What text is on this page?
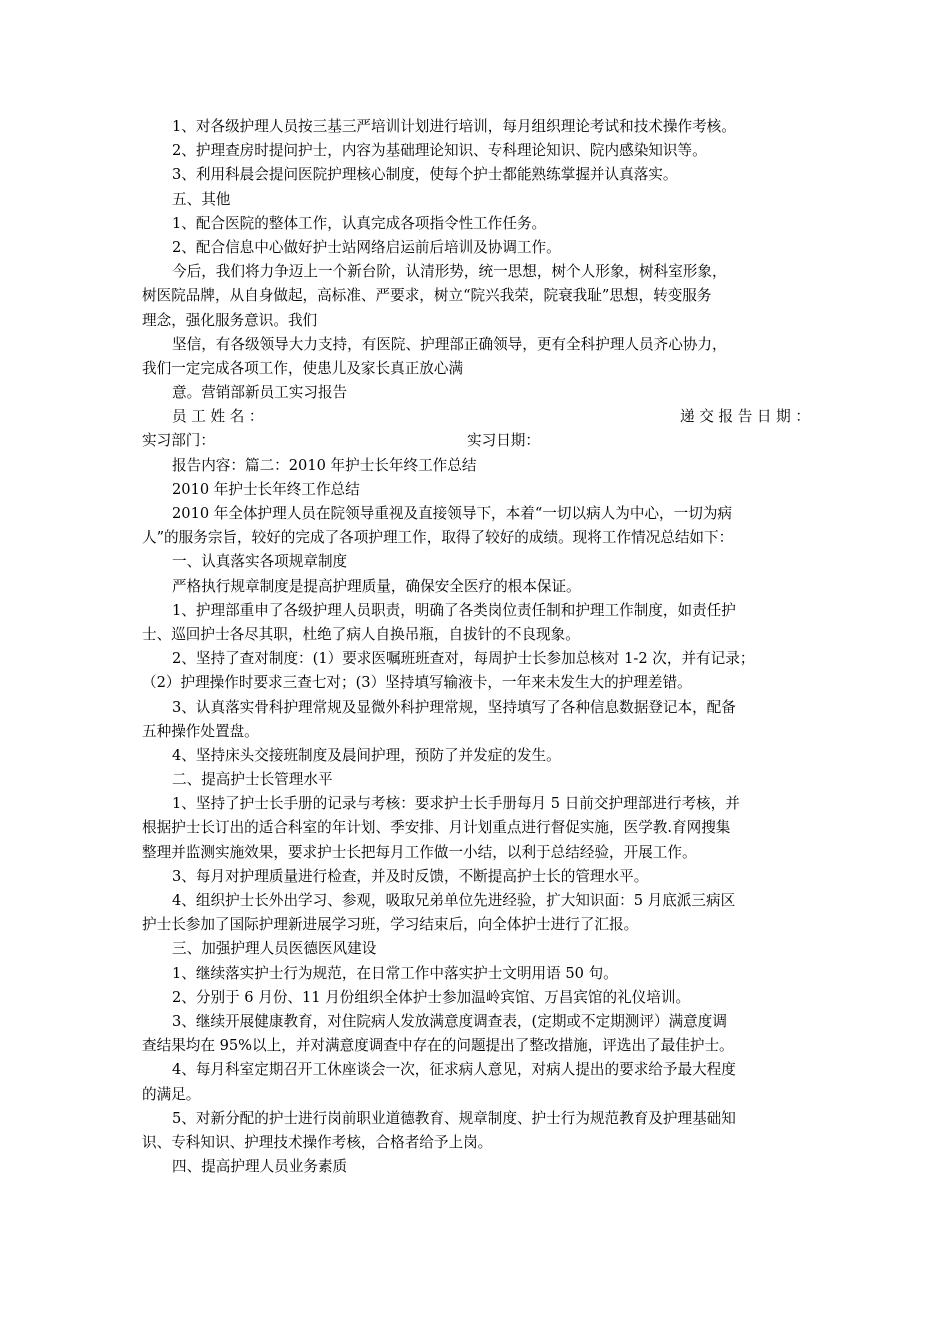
1、对各级护理人员按三基三严培训计划进行培训，每月组织理论考试和技术操作考核。
2、护理查房时提问护士，内容为基础理论知识、专科理论知识、院内感染知识等。
3、利用科晨会提问医院护理核心制度，使每个护士都能熟练掌握并认真落实。
五、其他
1、配合医院的整体工作，认真完成各项指令性工作任务。
2、配合信息中心做好护士站网络启运前后培训及协调工作。
今后，我们将力争迈上一个新台阶，认清形势，统一思想，树个人形象，树科室形象，
树医院品牌，从自身做起，高标准、严要求，树立“院兴我荣，院衰我耻”思想，转变服务
理念，强化服务意识。我们
坚信，有各级领导大力支持，有医院、护理部正确领导，更有全科护理人员齐心协力，
我们一定完成各项工作，使患儿及家长真正放心满
意。营销部新员工实习报告
员 工 姓 名 ：	递 交 报 告 日 期 ：
实习部门：	实习日期：
报告内容：篇二：2010 年护士长年终工作总结
2010 年护士长年终工作总结
2010 年全体护理人员在院领导重视及直接领导下，本着“一切以病人为中心，一切为病
人”的服务宗旨，较好的完成了各项护理工作，取得了较好的成绩。现将工作情况总结如下：
一、认真落实各项规章制度
严格执行规章制度是提高护理质量，确保安全医疗的根本保证。
1、护理部重申了各级护理人员职责，明确了各类岗位责任制和护理工作制度，如责任护
士、巡回护士各尽其职，杜绝了病人自换吊瓶，自拔针的不良现象。
2、坚持了查对制度：(1）要求医嘱班班查对，每周护士长参加总核对 1-2 次，并有记录；
（2）护理操作时要求三查七对；(3）坚持填写输液卡，一年来未发生大的护理差错。
3、认真落实骨科护理常规及显微外科护理常规，坚持填写了各种信息数据登记本，配备
五种操作处置盘。
4、坚持床头交接班制度及晨间护理，预防了并发症的发生。
二、提高护士长管理水平
1、坚持了护士长手册的记录与考核：要求护士长手册每月 5 日前交护理部进行考核，并
根据护士长订出的适合科室的年计划、季安排、月计划重点进行督促实施，医学教.育网搜集
整理并监测实施效果，要求护士长把每月工作做一小结，以利于总结经验，开展工作。
3、每月对护理质量进行检查，并及时反馈，不断提高护士长的管理水平。
4、组织护士长外出学习、参观，吸取兄弟单位先进经验，扩大知识面：5 月底派三病区
护士长参加了国际护理新进展学习班，学习结束后，向全体护士进行了汇报。
三、加强护理人员医德医风建设
1、继续落实护士行为规范，在日常工作中落实护士文明用语 50 句。
2、分别于 6 月份、11 月份组织全体护士参加温岭宾馆、万昌宾馆的礼仪培训。
3、继续开展健康教育，对住院病人发放满意度调查表，(定期或不定期测评）满意度调
查结果均在 95%以上，并对满意度调查中存在的问题提出了整改措施，评选出了最佳护士。
4、每月科室定期召开工休座谈会一次，征求病人意见，对病人提出的要求给予最大程度
的满足。
5、对新分配的护士进行岗前职业道德教育、规章制度、护士行为规范教育及护理基础知
识、专科知识、护理技术操作考核，合格者给予上岗。
四、提高护理人员业务素质
